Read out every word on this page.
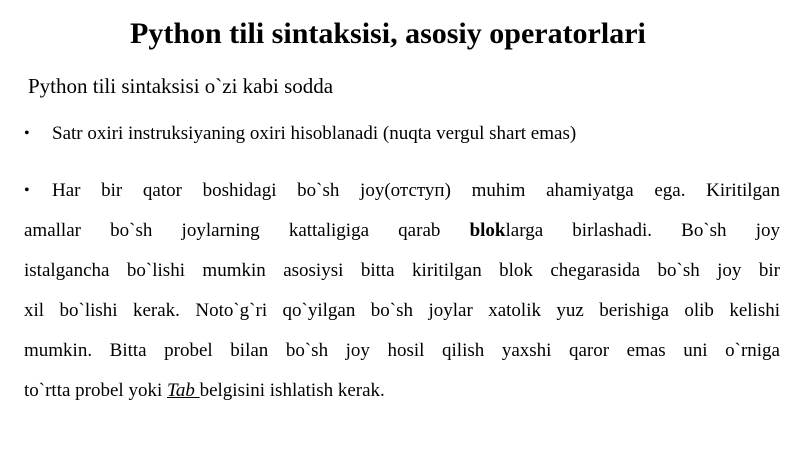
Python tili sintaksisi, asosiy operatorlari
Python tili sintaksisi o`zi kabi sodda
• Satr oxiri instruksiyaning oxiri hisoblanadi (nuqta vergul shart emas)
• Har bir qator boshidagi bo`sh joy(отступ) muhim ahamiyatga ega. Kiritilgan
amallar bo`sh joylarning kattaligiga qarab bloklarga birlashadi. Bo`sh joy
istalgancha bo`lishi mumkin asosiysi bitta kiritilgan blok chegarasida bo`sh joy bir
xil bo`lishi kerak. Noto`g`ri qo`yilgan bo`sh joylar xatolik yuz berishiga olib kelishi
mumkin. Bitta probel bilan bo`sh joy hosil qilish yaxshi qaror emas uni o`rniga
to`rtta probel yoki Tab belgisini ishlatish kerak.
